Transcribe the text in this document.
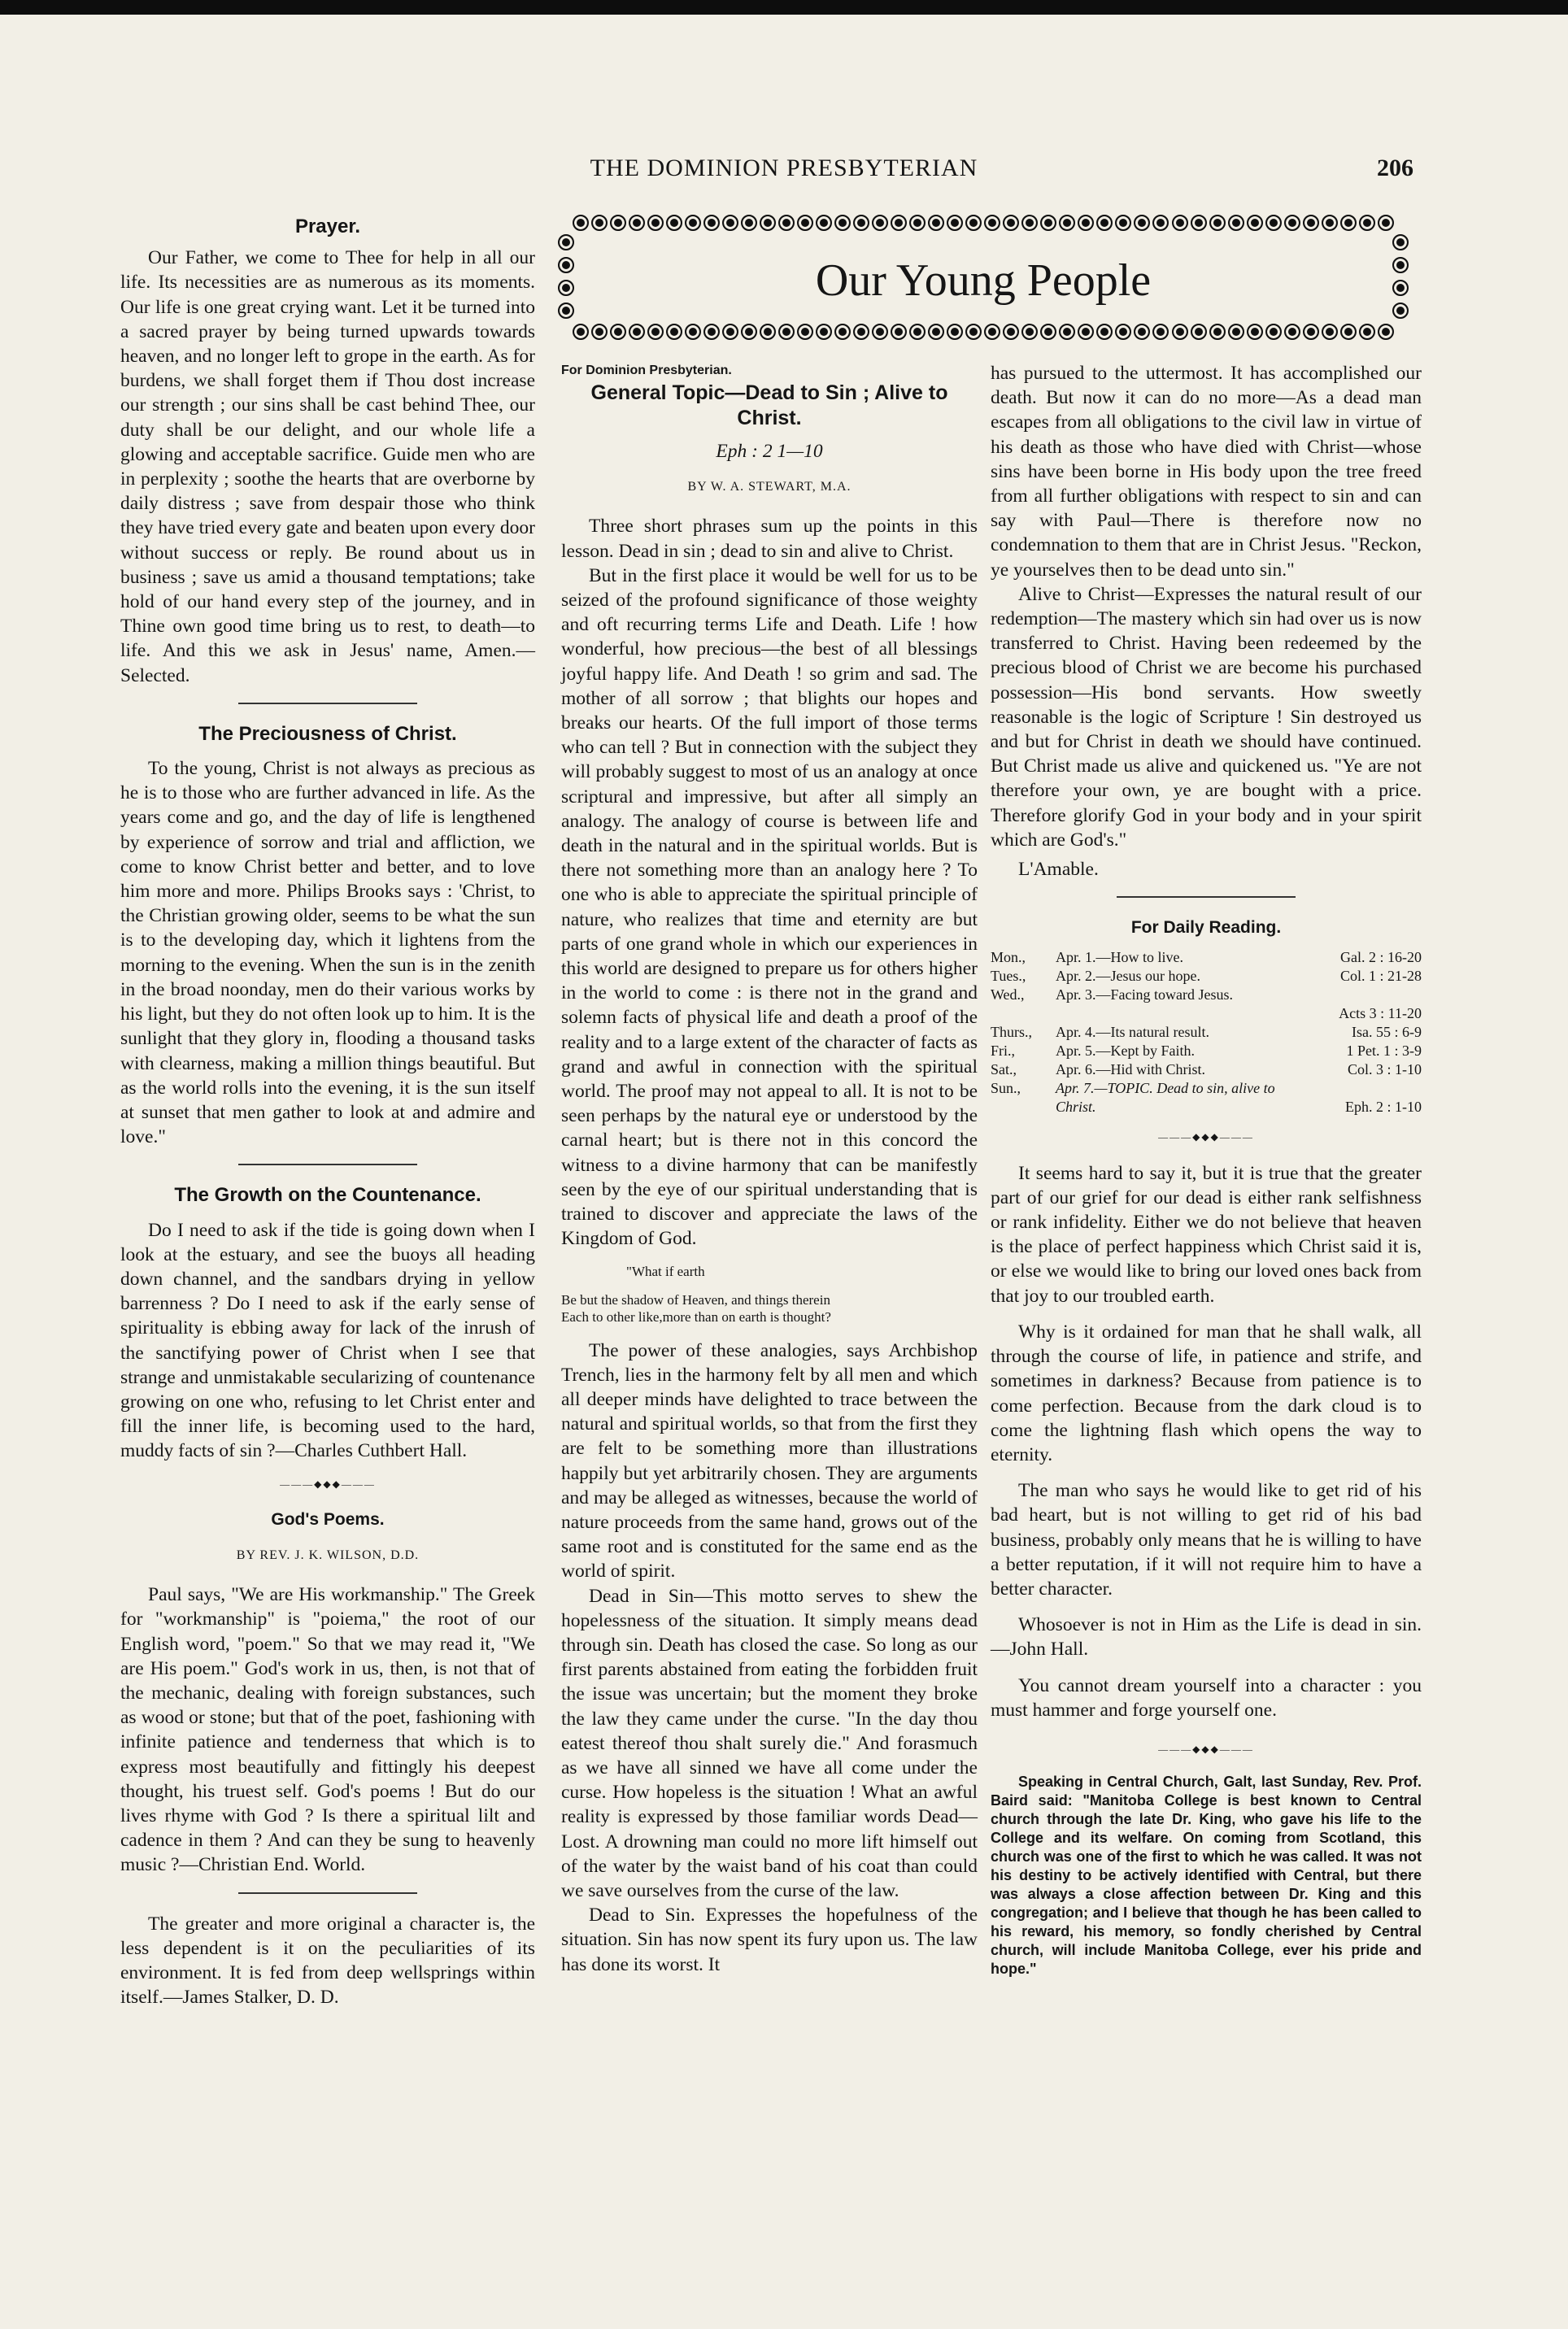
THE DOMINION PRESBYTERIAN	206
Our Young People
Prayer.

Our Father, we come to Thee for help in all our life. Its necessities are as numerous as its moments. Our life is one great crying want. Let it be turned into a sacred prayer by being turned upwards towards heaven, and no longer left to grope in the earth. As for burdens, we shall forget them if Thou dost increase our strength ; our sins shall be cast behind Thee, our duty shall be our delight, and our whole life a glowing and acceptable sacrifice. Guide men who are in perplexity ; soothe the hearts that are overborne by daily distress ; save from despair those who think they have tried every gate and beaten upon every door without success or reply. Be round about us in business ; save us amid a thousand temptations; take hold of our hand every step of the journey, and in Thine own good time bring us to rest, to death—to life. And this we ask in Jesus' name, Amen.—Selected.

The Preciousness of Christ.

To the young, Christ is not always as precious as he is to those who are further advanced in life. As the years come and go, and the day of life is lengthened by experience of sorrow and trial and affliction, we come to know Christ better and better, and to love him more and more. Philips Brooks says : 'Christ, to the Christian growing older, seems to be what the sun is to the developing day, which it lightens from the morning to the evening. When the sun is in the zenith in the broad noonday, men do their various works by his light, but they do not often look up to him. It is the sunlight that they glory in, flooding a thousand tasks with clearness, making a million things beautiful. But as the world rolls into the evening, it is the sun itself at sunset that men gather to look at and admire and love."

The Growth on the Countenance.

Do I need to ask if the tide is going down when I look at the estuary, and see the buoys all heading down channel, and the sandbars drying in yellow barrenness ? Do I need to ask if the early sense of spirituality is ebbing away for lack of the inrush of the sanctifying power of Christ when I see that strange and unmistakable secularizing of countenance growing on one who, refusing to let Christ enter and fill the inner life, is becoming used to the hard, muddy facts of sin ?—Charles Cuthbert Hall.

———◆◆◆———
God's Poems.
BY REV. J. K. WILSON, D.D.

Paul says, "We are His workmanship." The Greek for "workmanship" is "poiema," the root of our English word, "poem." So that we may read it, "We are His poem." God's work in us, then, is not that of the mechanic, dealing with foreign substances, such as wood or stone; but that of the poet, fashioning with infinite patience and tenderness that which is to express most beautifully and fittingly his deepest thought, his truest self. God's poems ! But do our lives rhyme with God ? Is there a spiritual lilt and cadence in them ? And can they be sung to heavenly music ?—Christian End. World.

The greater and more original a character is, the less dependent is it on the peculiarities of its environment. It is fed from deep wellsprings within itself.—James Stalker, D. D.

For Dominion Presbyterian.
General Topic—Dead to Sin ; Alive to Christ.
Eph : 2 1—10
BY W. A. STEWART, M.A.

Three short phrases sum up the points in this lesson. Dead in sin ; dead to sin and alive to Christ.

But in the first place it would be well for us to be seized of the profound significance of those weighty and oft recurring terms Life and Death. Life ! how wonderful, how precious—the best of all blessings joyful happy life. And Death ! so grim and sad. The mother of all sorrow ; that blights our hopes and breaks our hearts. Of the full import of those terms who can tell ? But in connection with the subject they will probably suggest to most of us an analogy at once scriptural and impressive, but after all simply an analogy. The analogy of course is between life and death in the natural and in the spiritual worlds. But is there not something more than an analogy here ? To one who is able to appreciate the spiritual principle of nature, who realizes that time and eternity are but parts of one grand whole in which our experiences in this world are designed to prepare us for others higher in the world to come : is there not in the grand and solemn facts of physical life and death a proof of the reality and to a large extent of the character of facts as grand and awful in connection with the spiritual world. The proof may not appeal to all. It is not to be seen perhaps by the natural eye or understood by the carnal heart; but is there not in this concord the witness to a divine harmony that can be manifestly seen by the eye of our spiritual understanding that is trained to discover and appreciate the laws of the Kingdom of God.

"What if earth
Be but the shadow of Heaven, and things therein
Each to other like,more than on earth is thought?

The power of these analogies, says Archbishop Trench, lies in the harmony felt by all men and which all deeper minds have delighted to trace between the natural and spiritual worlds, so that from the first they are felt to be something more than illustrations happily but yet arbitrarily chosen. They are arguments and may be alleged as witnesses, because the world of nature proceeds from the same hand, grows out of the same root and is constituted for the same end as the world of spirit.

Dead in Sin—This motto serves to shew the hopelessness of the situation. It simply means dead through sin. Death has closed the case. So long as our first parents abstained from eating the forbidden fruit the issue was uncertain; but the moment they broke the law they came under the curse. "In the day thou eatest thereof thou shalt surely die." And forasmuch as we have all sinned we have all come under the curse. How hopeless is the situation ! What an awful reality is expressed by those familiar words Dead—Lost. A drowning man could no more lift himself out of the water by the waist band of his coat than could we save ourselves from the curse of the law.

Dead to Sin. Expresses the hopefulness of the situation. Sin has now spent its fury upon us. The law has done its worst. It

has pursued to the uttermost. It has accomplished our death. But now it can do no more—As a dead man escapes from all obligations to the civil law in virtue of his death as those who have died with Christ—whose sins have been borne in His body upon the tree freed from all further obligations with respect to sin and can say with Paul—There is therefore now no condemnation to them that are in Christ Jesus. "Reckon, ye yourselves then to be dead unto sin."

Alive to Christ—Expresses the natural result of our redemption—The mastery which sin had over us is now transferred to Christ. Having been redeemed by the precious blood of Christ we are become his purchased possession—His bond servants. How sweetly reasonable is the logic of Scripture ! Sin destroyed us and but for Christ in death we should have continued. But Christ made us alive and quickened us. "Ye are not therefore your own, ye are bought with a price. Therefore glorify God in your body and in your spirit which are God's."

L'Amable.

For Daily Reading.
Mon.,	Apr. 1.—How to live.	Gal. 2 : 16-20
Tues.,	Apr. 2.—Jesus our hope.	Col. 1 : 21-28
Wed.,	Apr. 3.—Facing toward Jesus.	
		Acts 3 : 11-20
Thurs.,	Apr. 4.—Its natural result.	Isa. 55 : 6-9
Fri.,	Apr. 5.—Kept by Faith.	1 Pet. 1 : 3-9
Sat.,	Apr. 6.—Hid with Christ.	Col. 3 : 1-10
Sun.,	Apr. 7.—TOPIC. Dead to sin, alive to	
	Christ.	Eph. 2 : 1-10
———◆◆◆———

It seems hard to say it, but it is true that the greater part of our grief for our dead is either rank selfishness or rank infidelity. Either we do not believe that heaven is the place of perfect happiness which Christ said it is, or else we would like to bring our loved ones back from that joy to our troubled earth.

Why is it ordained for man that he shall walk, all through the course of life, in patience and strife, and sometimes in darkness? Because from patience is to come perfection. Because from the dark cloud is to come the lightning flash which opens the way to eternity.

The man who says he would like to get rid of his bad heart, but is not willing to get rid of his bad business, probably only means that he is willing to have a better reputation, if it will not require him to have a better character.

Whosoever is not in Him as the Life is dead in sin.—John Hall.

You cannot dream yourself into a character : you must hammer and forge yourself one.

———◆◆◆———

Speaking in Central Church, Galt, last Sunday, Rev. Prof. Baird said: "Manitoba College is best known to Central church through the late Dr. King, who gave his life to the College and its welfare. On coming from Scotland, this church was one of the first to which he was called. It was not his destiny to be actively identified with Central, but there was always a close affection between Dr. King and this congregation; and I believe that though he has been called to his reward, his memory, so fondly cherished by Central church, will include Manitoba College, ever his pride and hope."
